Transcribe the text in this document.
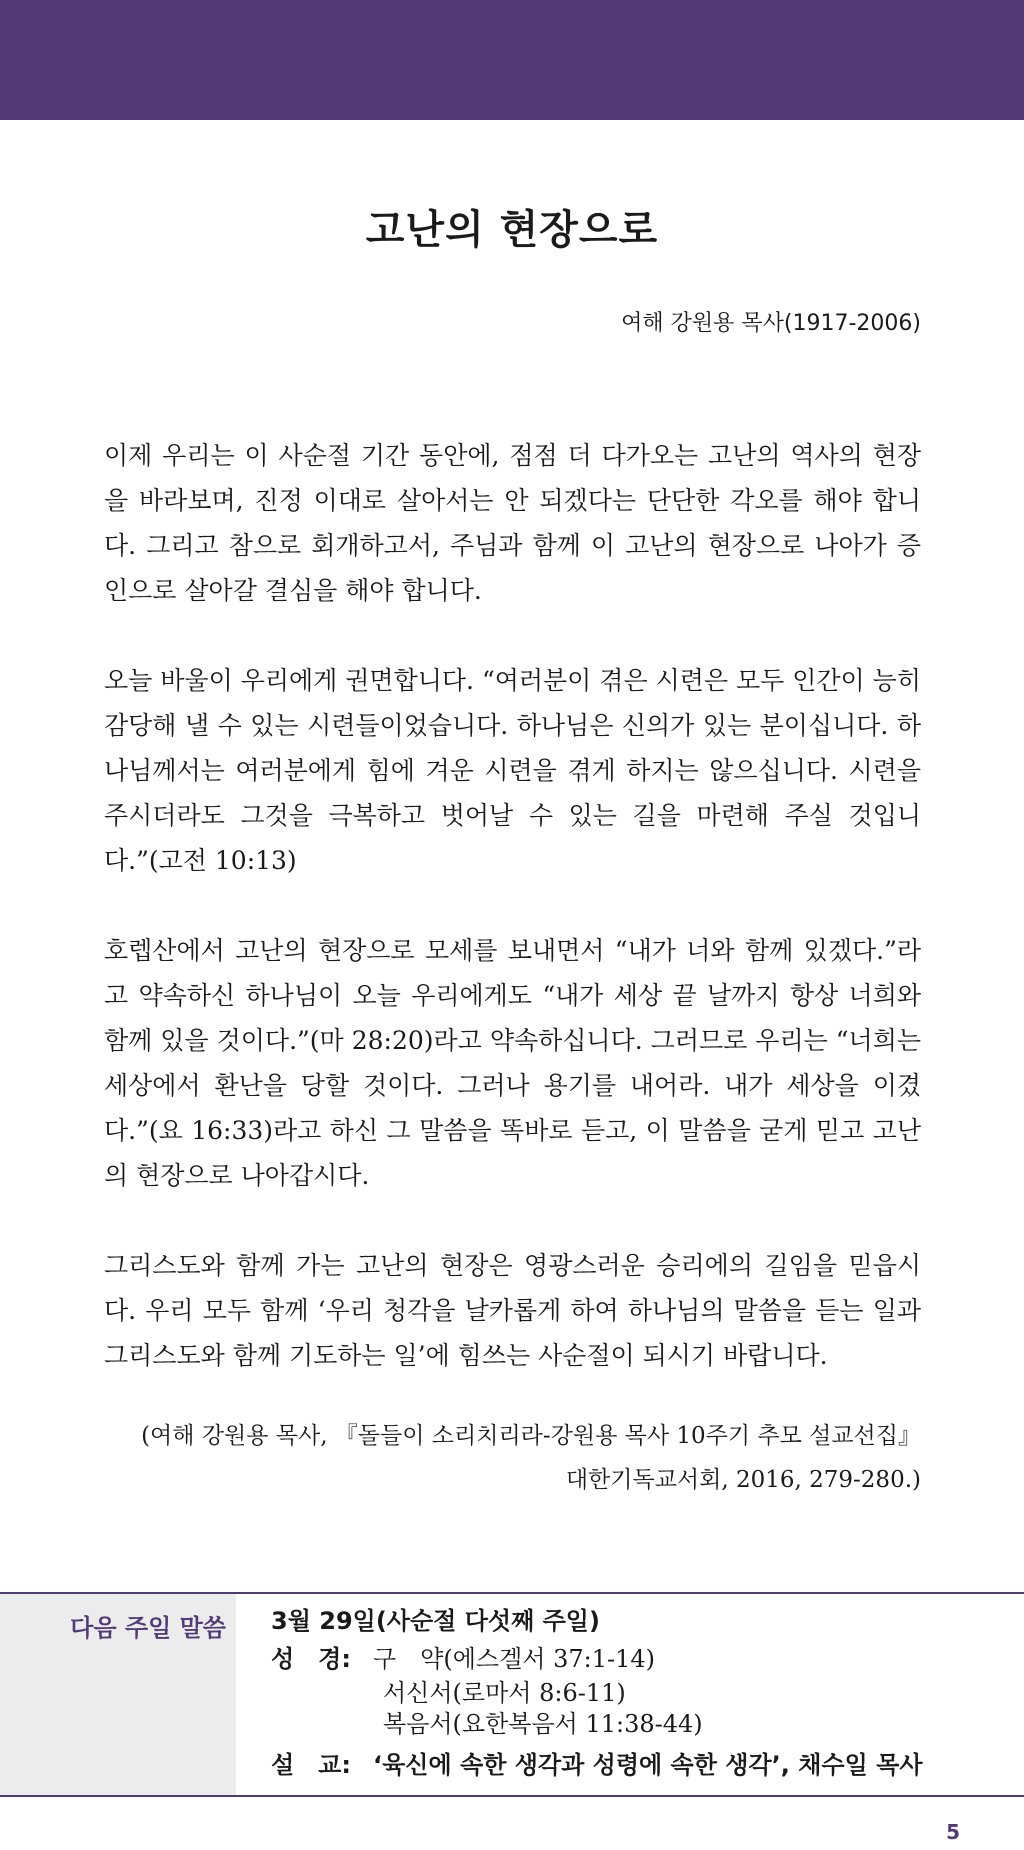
고난의 현장으로
여해 강원용 목사(1917-2006)

이제 우리는 이 사순절 기간 동안에, 점점 더 다가오는 고난의 역사의 현장을 바라보며, 진정 이대로 살아서는 안 되겠다는 단단한 각오를 해야 합니다. 그리고 참으로 회개하고서, 주님과 함께 이 고난의 현장으로 나아가 증인으로 살아갈 결심을 해야 합니다.

오늘 바울이 우리에게 권면합니다. “여러분이 겪은 시련은 모두 인간이 능히 감당해 낼 수 있는 시련들이었습니다. 하나님은 신의가 있는 분이십니다. 하나님께서는 여러분에게 힘에 겨운 시련을 겪게 하지는 않으십니다. 시련을 주시더라도 그것을 극복하고 벗어날 수 있는 길을 마련해 주실 것입니다.”(고전 10:13)

호렙산에서 고난의 현장으로 모세를 보내면서 “내가 너와 함께 있겠다.”라고 약속하신 하나님이 오늘 우리에게도 “내가 세상 끝 날까지 항상 너희와 함께 있을 것이다.”(마 28:20)라고 약속하십니다. 그러므로 우리는 “너희는 세상에서 환난을 당할 것이다. 그러나 용기를 내어라. 내가 세상을 이겼다.”(요 16:33)라고 하신 그 말씀을 똑바로 듣고, 이 말씀을 굳게 믿고 고난의 현장으로 나아갑시다.

그리스도와 함께 가는 고난의 현장은 영광스러운 승리에의 길임을 믿읍시다. 우리 모두 함께 ‘우리 청각을 날카롭게 하여 하나님의 말씀을 듣는 일과 그리스도와 함께 기도하는 일’에 힘쓰는 사순절이 되시기 바랍니다.

(여해 강원용 목사, 『돌들이 소리치리라-강원용 목사 10주기 추모 설교선집』
대한기독교서회, 2016, 279-280.)
다음 주일 말씀 3월 29일(사순절 다섯째 주일)
성　경: 구　약(에스겔서 37:1-14)
서신서(로마서 8:6-11)
복음서(요한복음서 11:38-44)
설　교: ‘육신에 속한 생각과 성령에 속한 생각’, 채수일 목사
5
